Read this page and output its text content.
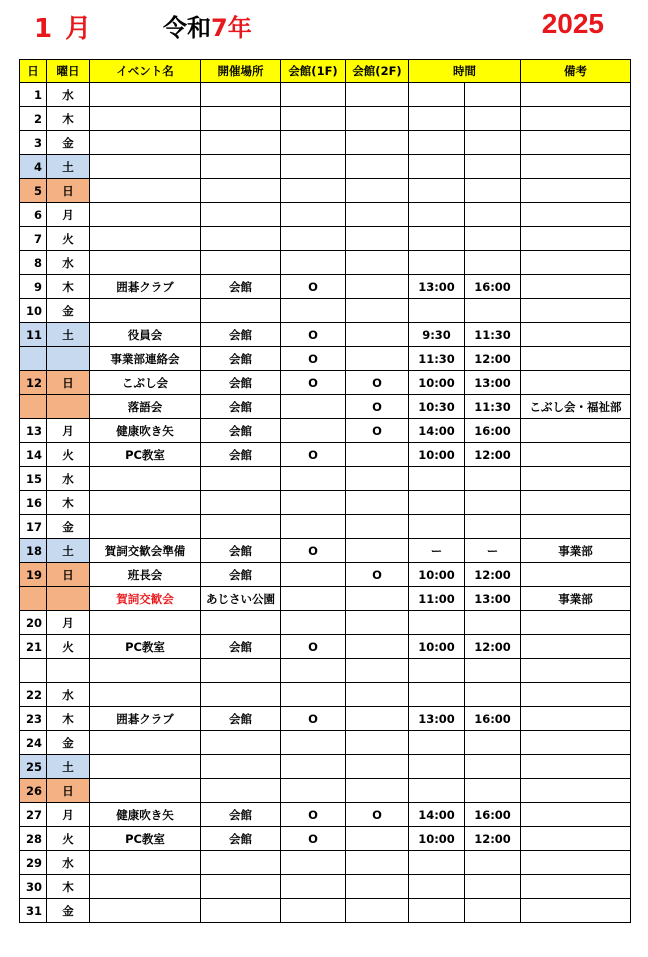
1 月	令和7年	2025
日	曜日	イベント名	開催場所	会館(1F)	会館(2F)	時間		備考
1	水							
2	木							
3	金							
4	土							
5	日							
6	月							
7	火							
8	水							
9	木	囲碁クラブ	会館	O		13:00	16:00	
10	金							
11	土	役員会	会館	O		9:30	11:30	
		事業部連絡会	会館	O		11:30	12:00	
12	日	こぶし会	会館	O	O	10:00	13:00	
		落語会	会館		O	10:30	11:30	こぶし会・福祉部
13	月	健康吹き矢	会館		O	14:00	16:00	
14	火	PC教室	会館	O		10:00	12:00	
15	水							
16	木							
17	金							
18	土	賀詞交歓会準備	会館	O		ー	ー	事業部
19	日	班長会	会館		O	10:00	12:00	
		賀詞交歓会	あじさい公園			11:00	13:00	事業部
20	月							
21	火	PC教室	会館	O		10:00	12:00	

22	水							
23	木	囲碁クラブ	会館	O		13:00	16:00	
24	金							
25	土							
26	日							
27	月	健康吹き矢	会館	O	O	14:00	16:00	
28	火	PC教室	会館	O		10:00	12:00	
29	水							
30	木							
31	金							
